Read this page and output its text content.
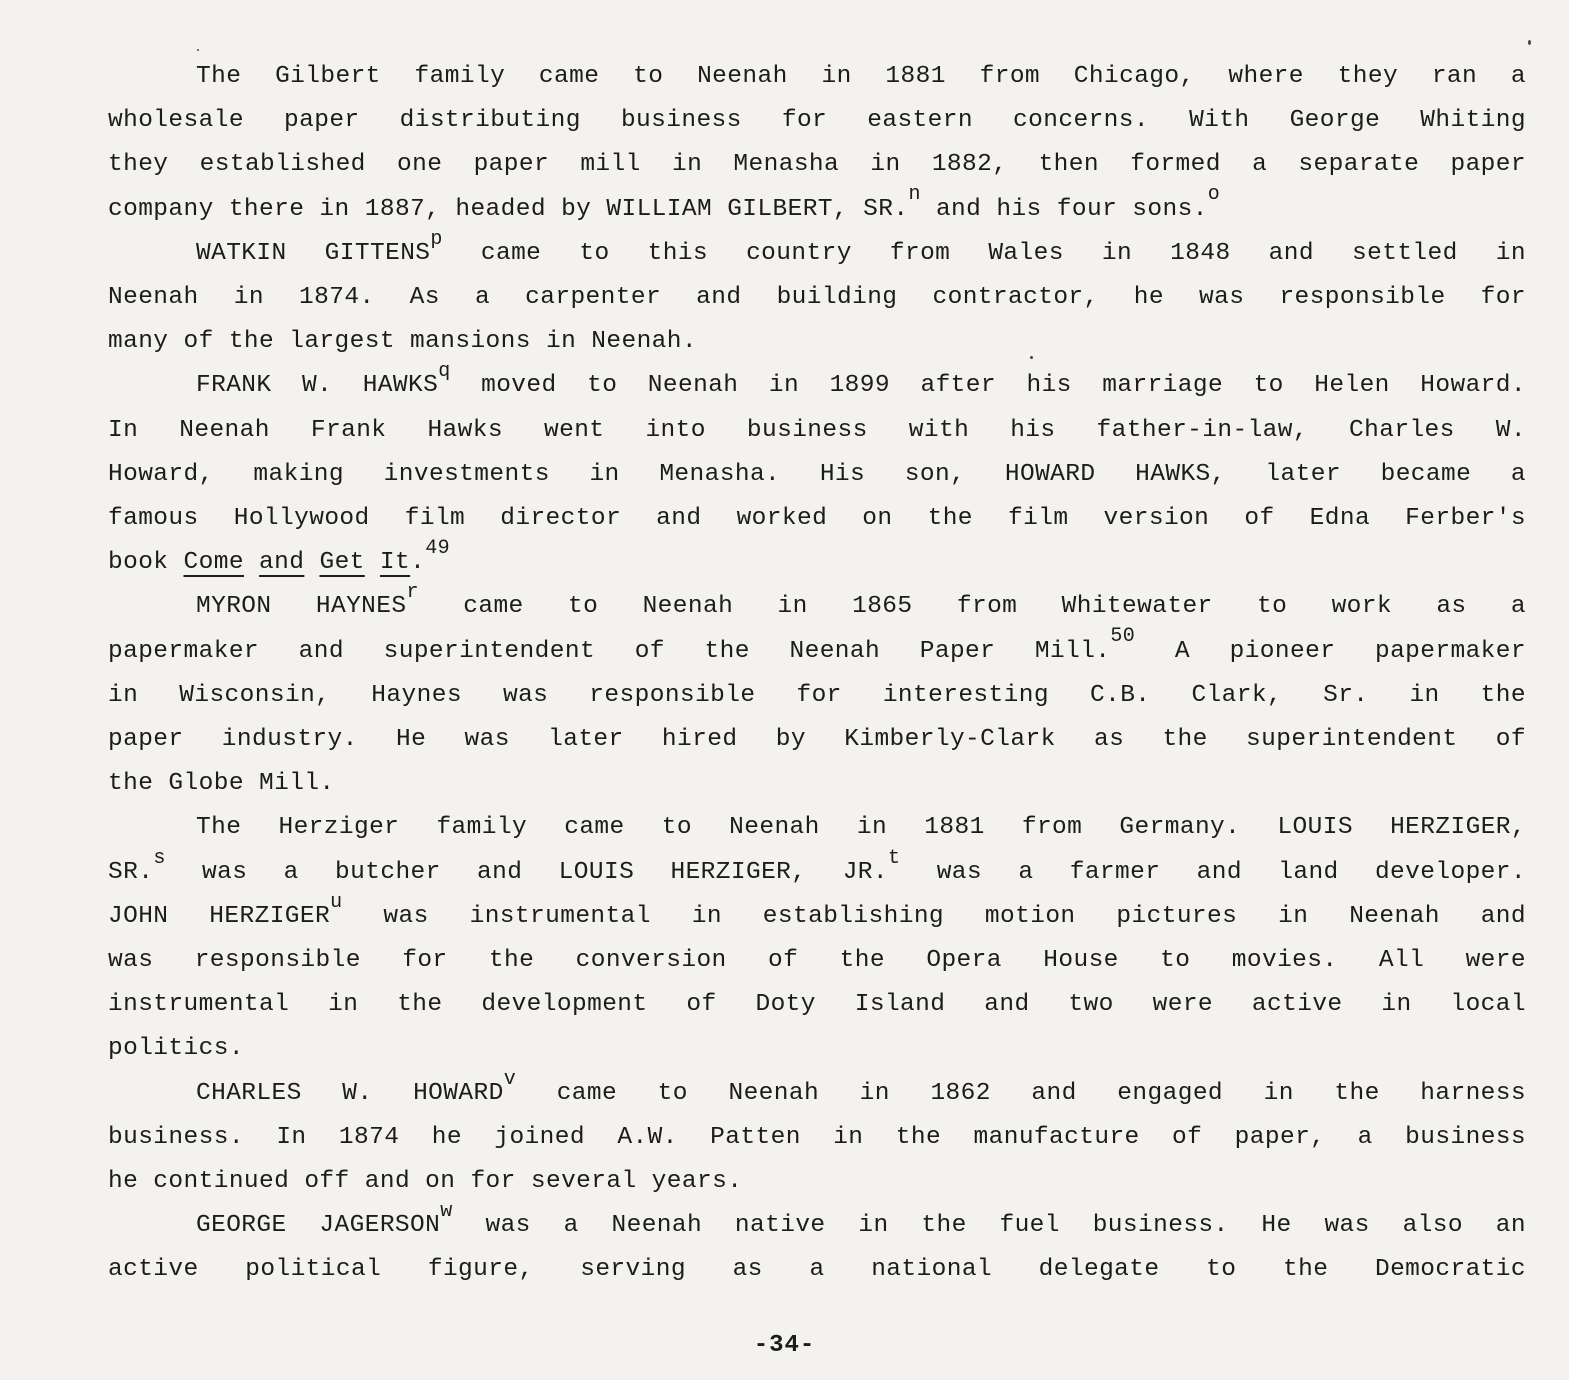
The Gilbert family came to Neenah in 1881 from Chicago, where they ran a
wholesale paper distributing business for eastern concerns. With George Whiting
they established one paper mill in Menasha in 1882, then formed a separate paper
company there in 1887, headed by WILLIAM GILBERT, SR.$^n$ and his four sons.$^o$
WATKIN GITTENS$^p$ came to this country from Wales in 1848 and settled in
Neenah in 1874. As a carpenter and building contractor, he was responsible for
many of the largest mansions in Neenah.
FRANK W. HAWKS$^q$ moved to Neenah in 1899 after his marriage to Helen Howard.
In Neenah Frank Hawks went into business with his father-in-law, Charles W.
Howard, making investments in Menasha. His son, HOWARD HAWKS, later became a
famous Hollywood film director and worked on the film version of Edna Ferber's
book Come and Get It.$^{49}$
MYRON HAYNES$^r$ came to Neenah in 1865 from Whitewater to work as a
papermaker and superintendent of the Neenah Paper Mill.$^{50}$ A pioneer papermaker
in Wisconsin, Haynes was responsible for interesting C.B. Clark, Sr. in the
paper industry. He was later hired by Kimberly-Clark as the superintendent of
the Globe Mill.
The Herziger family came to Neenah in 1881 from Germany. LOUIS HERZIGER,
SR.$^s$ was a butcher and LOUIS HERZIGER, JR.$^t$ was a farmer and land developer.
JOHN HERZIGER$^u$ was instrumental in establishing motion pictures in Neenah and
was responsible for the conversion of the Opera House to movies. All were
instrumental in the development of Doty Island and two were active in local
politics.
CHARLES W. HOWARD$^v$ came to Neenah in 1862 and engaged in the harness
business. In 1874 he joined A.W. Patten in the manufacture of paper, a business
he continued off and on for several years.
GEORGE JAGERSON$^w$ was a Neenah native in the fuel business. He was also an
active political figure, serving as a national delegate to the Democratic
-34-
